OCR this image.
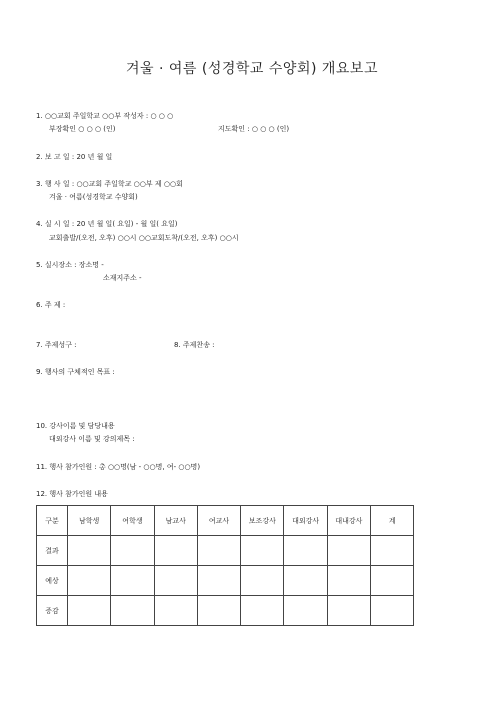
겨울 · 여름 (성경학교 수양회) 개요보고
1. ○○교회 주일학교 ○○부 작성자 : ○ ○ ○
부장확인 ○ ○ ○ (인)	지도확인 : ○ ○ ○ (인)
2. 보 고 일 : 20 년 월 일
3. 행 사 일 : ○○교회 주일학교 ○○부 제 ○○회
겨울 · 여름(성경학교 수양회)
4. 실 시 일 : 20 년 월 일( 요일) - 월 일( 요일)
교회출발/(오전, 오후) ○○시 ○○교회도착/(오전, 오후) ○○시
5. 실시장소 : 장소명 -
소재지주소 -
6. 주 제 :
7. 주제성구 :	8. 주제찬송 :
9. 행사의 구체적인 목표 :
10. 강사이름 및 담당내용
대외강사 이름 및 강의제목 :
11. 행사 참가인원 : 총 ○○명(남 - ○○명, 여- ○○명)
12. 행사 참가인원 내용
구분	남학생	여학생	남교사	여교사	보조강사	대외강사	대내강사	계
결과								
예상								
증감								
